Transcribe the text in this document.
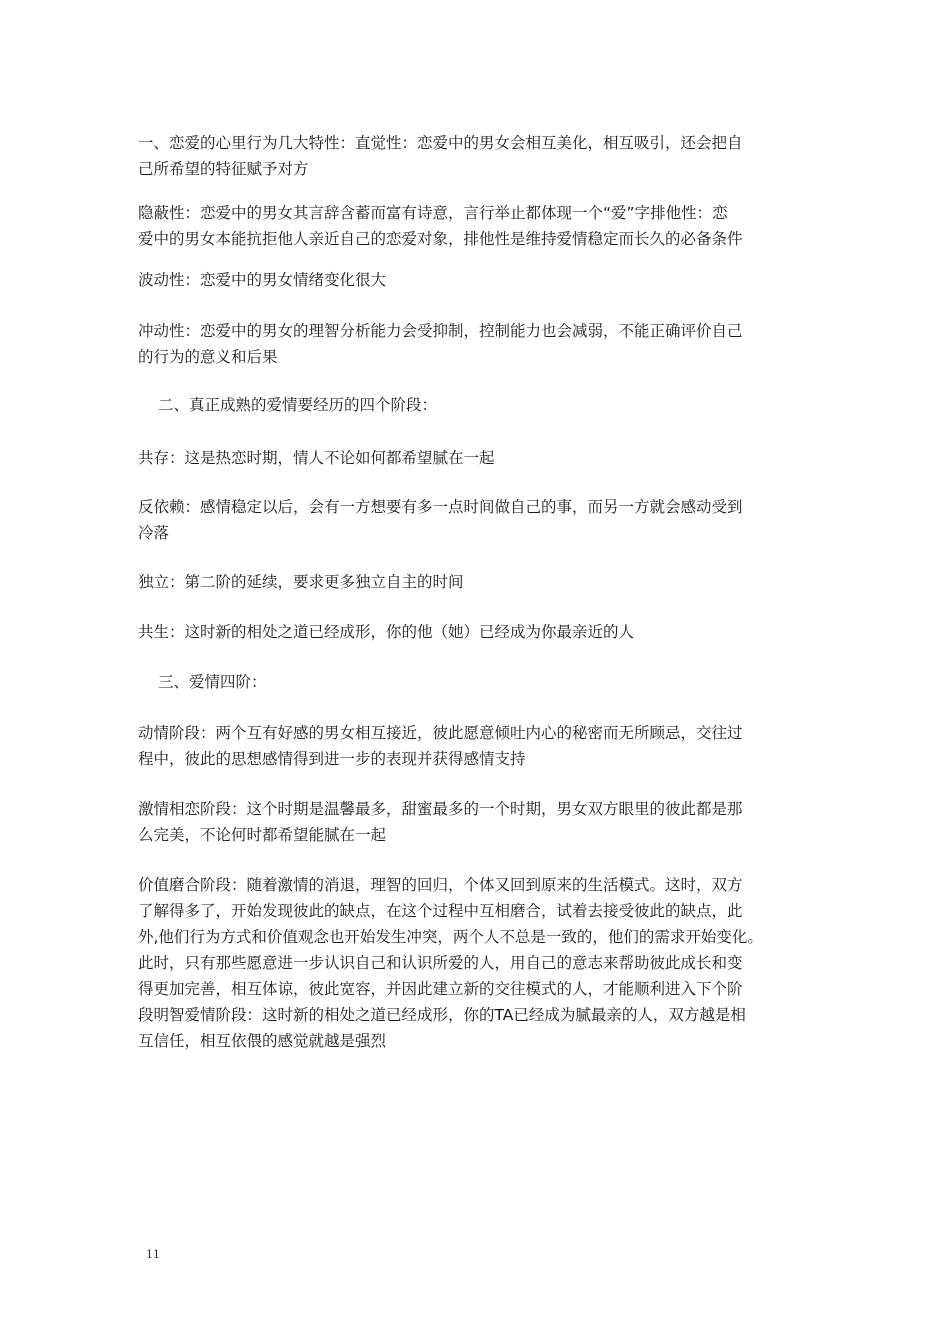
一、恋爱的心里行为几大特性：直觉性：恋爱中的男女会相互美化，相互吸引，还会把自
己所希望的特征赋予对方
隐蔽性：恋爱中的男女其言辞含蓄而富有诗意，言行举止都体现一个“爱”字排他性：恋
爱中的男女本能抗拒他人亲近自己的恋爱对象，排他性是维持爱情稳定而长久的必备条件
波动性：恋爱中的男女情绪变化很大
冲动性：恋爱中的男女的理智分析能力会受抑制，控制能力也会减弱，不能正确评价自己
的行为的意义和后果
二、真正成熟的爱情要经历的四个阶段：
共存：这是热恋时期，情人不论如何都希望腻在一起
反依赖：感情稳定以后，会有一方想要有多一点时间做自己的事，而另一方就会感动受到
冷落
独立：第二阶的延续，要求更多独立自主的时间
共生：这时新的相处之道已经成形，你的他（她）已经成为你最亲近的人
三、爱情四阶：
动情阶段：两个互有好感的男女相互接近，彼此愿意倾吐内心的秘密而无所顾忌，交往过
程中，彼此的思想感情得到进一步的表现并获得感情支持
激情相恋阶段：这个时期是温馨最多，甜蜜最多的一个时期，男女双方眼里的彼此都是那
么完美，不论何时都希望能腻在一起
价值磨合阶段：随着激情的消退，理智的回归，个体又回到原来的生活模式。这时，双方
了解得多了，开始发现彼此的缺点，在这个过程中互相磨合，试着去接受彼此的缺点，此
外,他们行为方式和价值观念也开始发生冲突，两个人不总是一致的，他们的需求开始变化。
此时，只有那些愿意进一步认识自己和认识所爱的人，用自己的意志来帮助彼此成长和变
得更加完善，相互体谅，彼此宽容，并因此建立新的交往模式的人，才能顺利进入下个阶
段明智爱情阶段：这时新的相处之道已经成形，你的TA已经成为腻最亲的人，双方越是相
互信任，相互依偎的感觉就越是强烈
11
